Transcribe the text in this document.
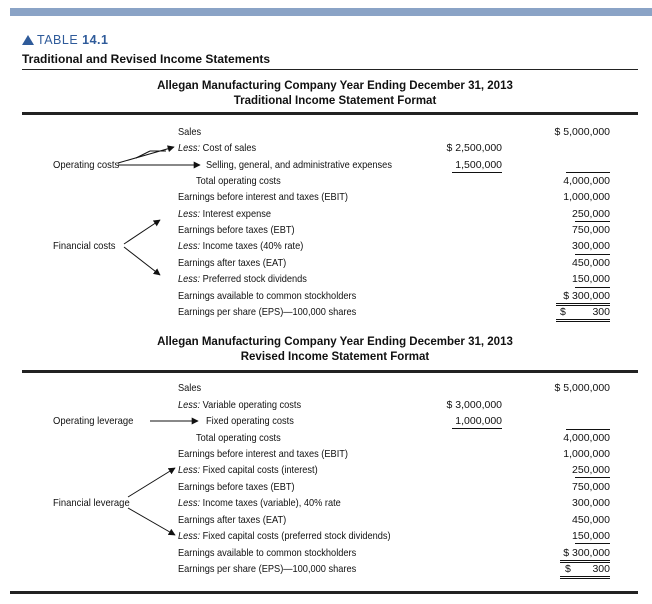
TABLE 14.1
Traditional and Revised Income Statements
Allegan Manufacturing Company Year Ending December 31, 2013
Traditional Income Statement Format
Operating costs
Financial costs
Sales
Less: Cost of sales
Selling, general, and administrative expenses
Total operating costs
Earnings before interest and taxes (EBIT)
Less: Interest expense
Earnings before taxes (EBT)
Less: Income taxes (40% rate)
Earnings after taxes (EAT)
Less: Preferred stock dividends
Earnings available to common stockholders
Earnings per share (EPS)—100,000 shares
$ 2,500,000
1,500,000
$ 5,000,000
4,000,000
1,000,000
250,000
750,000
300,000
450,000
150,000
$ 300,000
$	300
Allegan Manufacturing Company Year Ending December 31, 2013
Revised Income Statement Format
Operating leverage
Financial leverage
Sales
Less: Variable operating costs
Fixed operating costs
Total operating costs
Earnings before interest and taxes (EBIT)
Less: Fixed capital costs (interest)
Earnings before taxes (EBT)
Less: Income taxes (variable), 40% rate
Earnings after taxes (EAT)
Less: Fixed capital costs (preferred stock dividends)
Earnings available to common stockholders
Earnings per share (EPS)—100,000 shares
$ 3,000,000
1,000,000
$ 5,000,000
4,000,000
1,000,000
250,000
750,000
300,000
450,000
150,000
$ 300,000
$	300
